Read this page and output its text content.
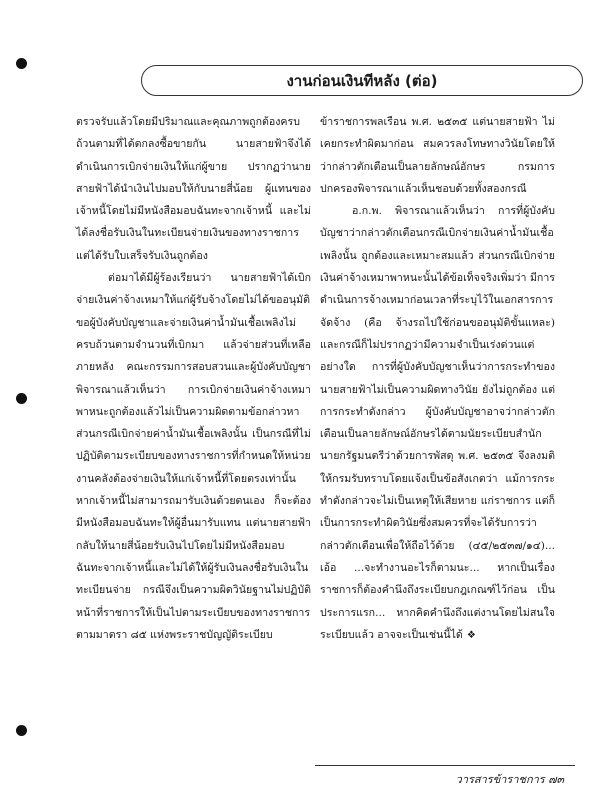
งานก่อนเงินทีหลัง (ต่อ)

ตรวจรับแล้วโดยมีปริมาณและคุณภาพถูกต้องครบถ้วนตามที่ได้ตกลงซื้อขายกัน นายสายฟ้าจึงได้ดำเนินการเบิกจ่ายเงินให้แก่ผู้ขาย ปรากฏว่านายสายฟ้าได้นำเงินไปมอบให้กับนายสี่น้อย ผู้แทนของเจ้าหนี้โดยไม่มีหนังสือมอบฉันทะจากเจ้าหนี้ และไม่ได้ลงชื่อรับเงินในทะเบียนจ่ายเงินของทางราชการ แต่ได้รับใบเสร็จรับเงินถูกต้อง

ต่อมาได้มีผู้ร้องเรียนว่า นายสายฟ้าได้เบิกจ่ายเงินค่าจ้างเหมาให้แก่ผู้รับจ้างโดยไม่ได้ขออนุมัติขอผู้บังคับบัญชาและจ่ายเงินค่าน้ำมันเชื้อเพลิงไม่ครบถ้วนตามจำนวนที่เบิกมา แล้วจ่ายส่วนที่เหลือภายหลัง คณะกรรมการสอบสวนและผู้บังคับบัญชาพิจารณาแล้วเห็นว่า การเบิกจ่ายเงินค่าจ้างเหมาพาหนะถูกต้องแล้วไม่เป็นความผิดตามข้อกล่าวหา ส่วนกรณีเบิกจ่ายค่าน้ำมันเชื้อเพลิงนั้น เป็นกรณีที่ไม่ปฏิบัติตามระเบียบของทางราชการที่กำหนดให้หน่วยงานคลังต้องจ่ายเงินให้แก่เจ้าหนี้ที่โดยตรงเท่านั้น หากเจ้าหนี้ไม่สามารถมารับเงินด้วยตนเอง ก็จะต้องมีหนังสือมอบฉันทะให้ผู้อื่นมารับแทน แต่นายสายฟ้ากลับให้นายสี่น้อยรับเงินไปโดยไม่มีหนังสือมอบฉันทะจากเจ้าหนี้และไม่ได้ให้ผู้รับเงินลงชื่อรับเงินในทะเบียนจ่าย กรณีจึงเป็นความผิดวินัยฐานไม่ปฏิบัติหน้าที่ราชการให้เป็นไปตามระเบียบของทางราชการ ตามมาตรา ๘๕ แห่งพระราชบัญญัติระเบียบ

ข้าราชการพลเรือน พ.ศ. ๒๕๓๕ แต่นายสายฟ้า ไม่เคยกระทำผิดมาก่อน สมควรลงโทษทางวินัยโดยให้ว่ากล่าวตักเตือนเป็นลายลักษณ์อักษร กรมการปกครองพิจารณาแล้วเห็นชอบด้วยทั้งสองกรณี

อ.ก.พ. พิจารณาแล้วเห็นว่า การที่ผู้บังคับบัญชาว่ากล่าวตักเตือนกรณีเบิกจ่ายเงินค่าน้ำมันเชื้อเพลิงนั้น ถูกต้องและเหมาะสมแล้ว ส่วนกรณีเบิกจ่ายเงินค่าจ้างเหมาพาหนะนั้นได้ข้อเท็จจริงเพิ่มว่า มีการดำเนินการจ้างเหมาก่อนเวลาที่ระบุไว้ในเอกสารการจัดจ้าง (คือ จ้างรถไปใช้ก่อนขออนุมัติขั้นแหละ) และกรณีก็ไม่ปรากฏว่ามีความจำเป็นเร่งด่วนแต่อย่างใด การที่ผู้บังคับบัญชาเห็นว่าการกระทำของนายสายฟ้าไม่เป็นความผิดทางวินัย ยังไม่ถูกต้อง แต่การกระทำดังกล่าว ผู้บังคับบัญชาอาจว่ากล่าวตักเตือนเป็นลายลักษณ์อักษรได้ตามนัยระเบียบสำนักนายกรัฐมนตรีว่าด้วยการพัสดุ พ.ศ. ๒๕๓๕ จึงลงมติให้กรมรับทราบโดยแจ้งเป็นข้อสังเกตว่า แม้การกระทำดังกล่าวจะไม่เป็นเหตุให้เสียหาย แก่ราชการ แต่ก็เป็นการกระทำผิดวินัยซึ่งสมควรที่จะได้รับการว่ากล่าวตักเตือนเพื่อให้ถือไว้ด้วย (๔๕/๒๕๓๗/๑๔)... เอ้อ ...จะทำงานอะไรก็ตามนะ... หากเป็นเรื่องราชการก็ต้องคำนึงถึงระเบียบกฎเกณฑ์ไว้ก่อน เป็นประการแรก... หากคิดคำนึงถึงแต่งานโดยไม่สนใจระเบียบแล้ว อาจจะเป็นเช่นนี้ได้ ❖

วารสารข้าราชการ ๗๓
